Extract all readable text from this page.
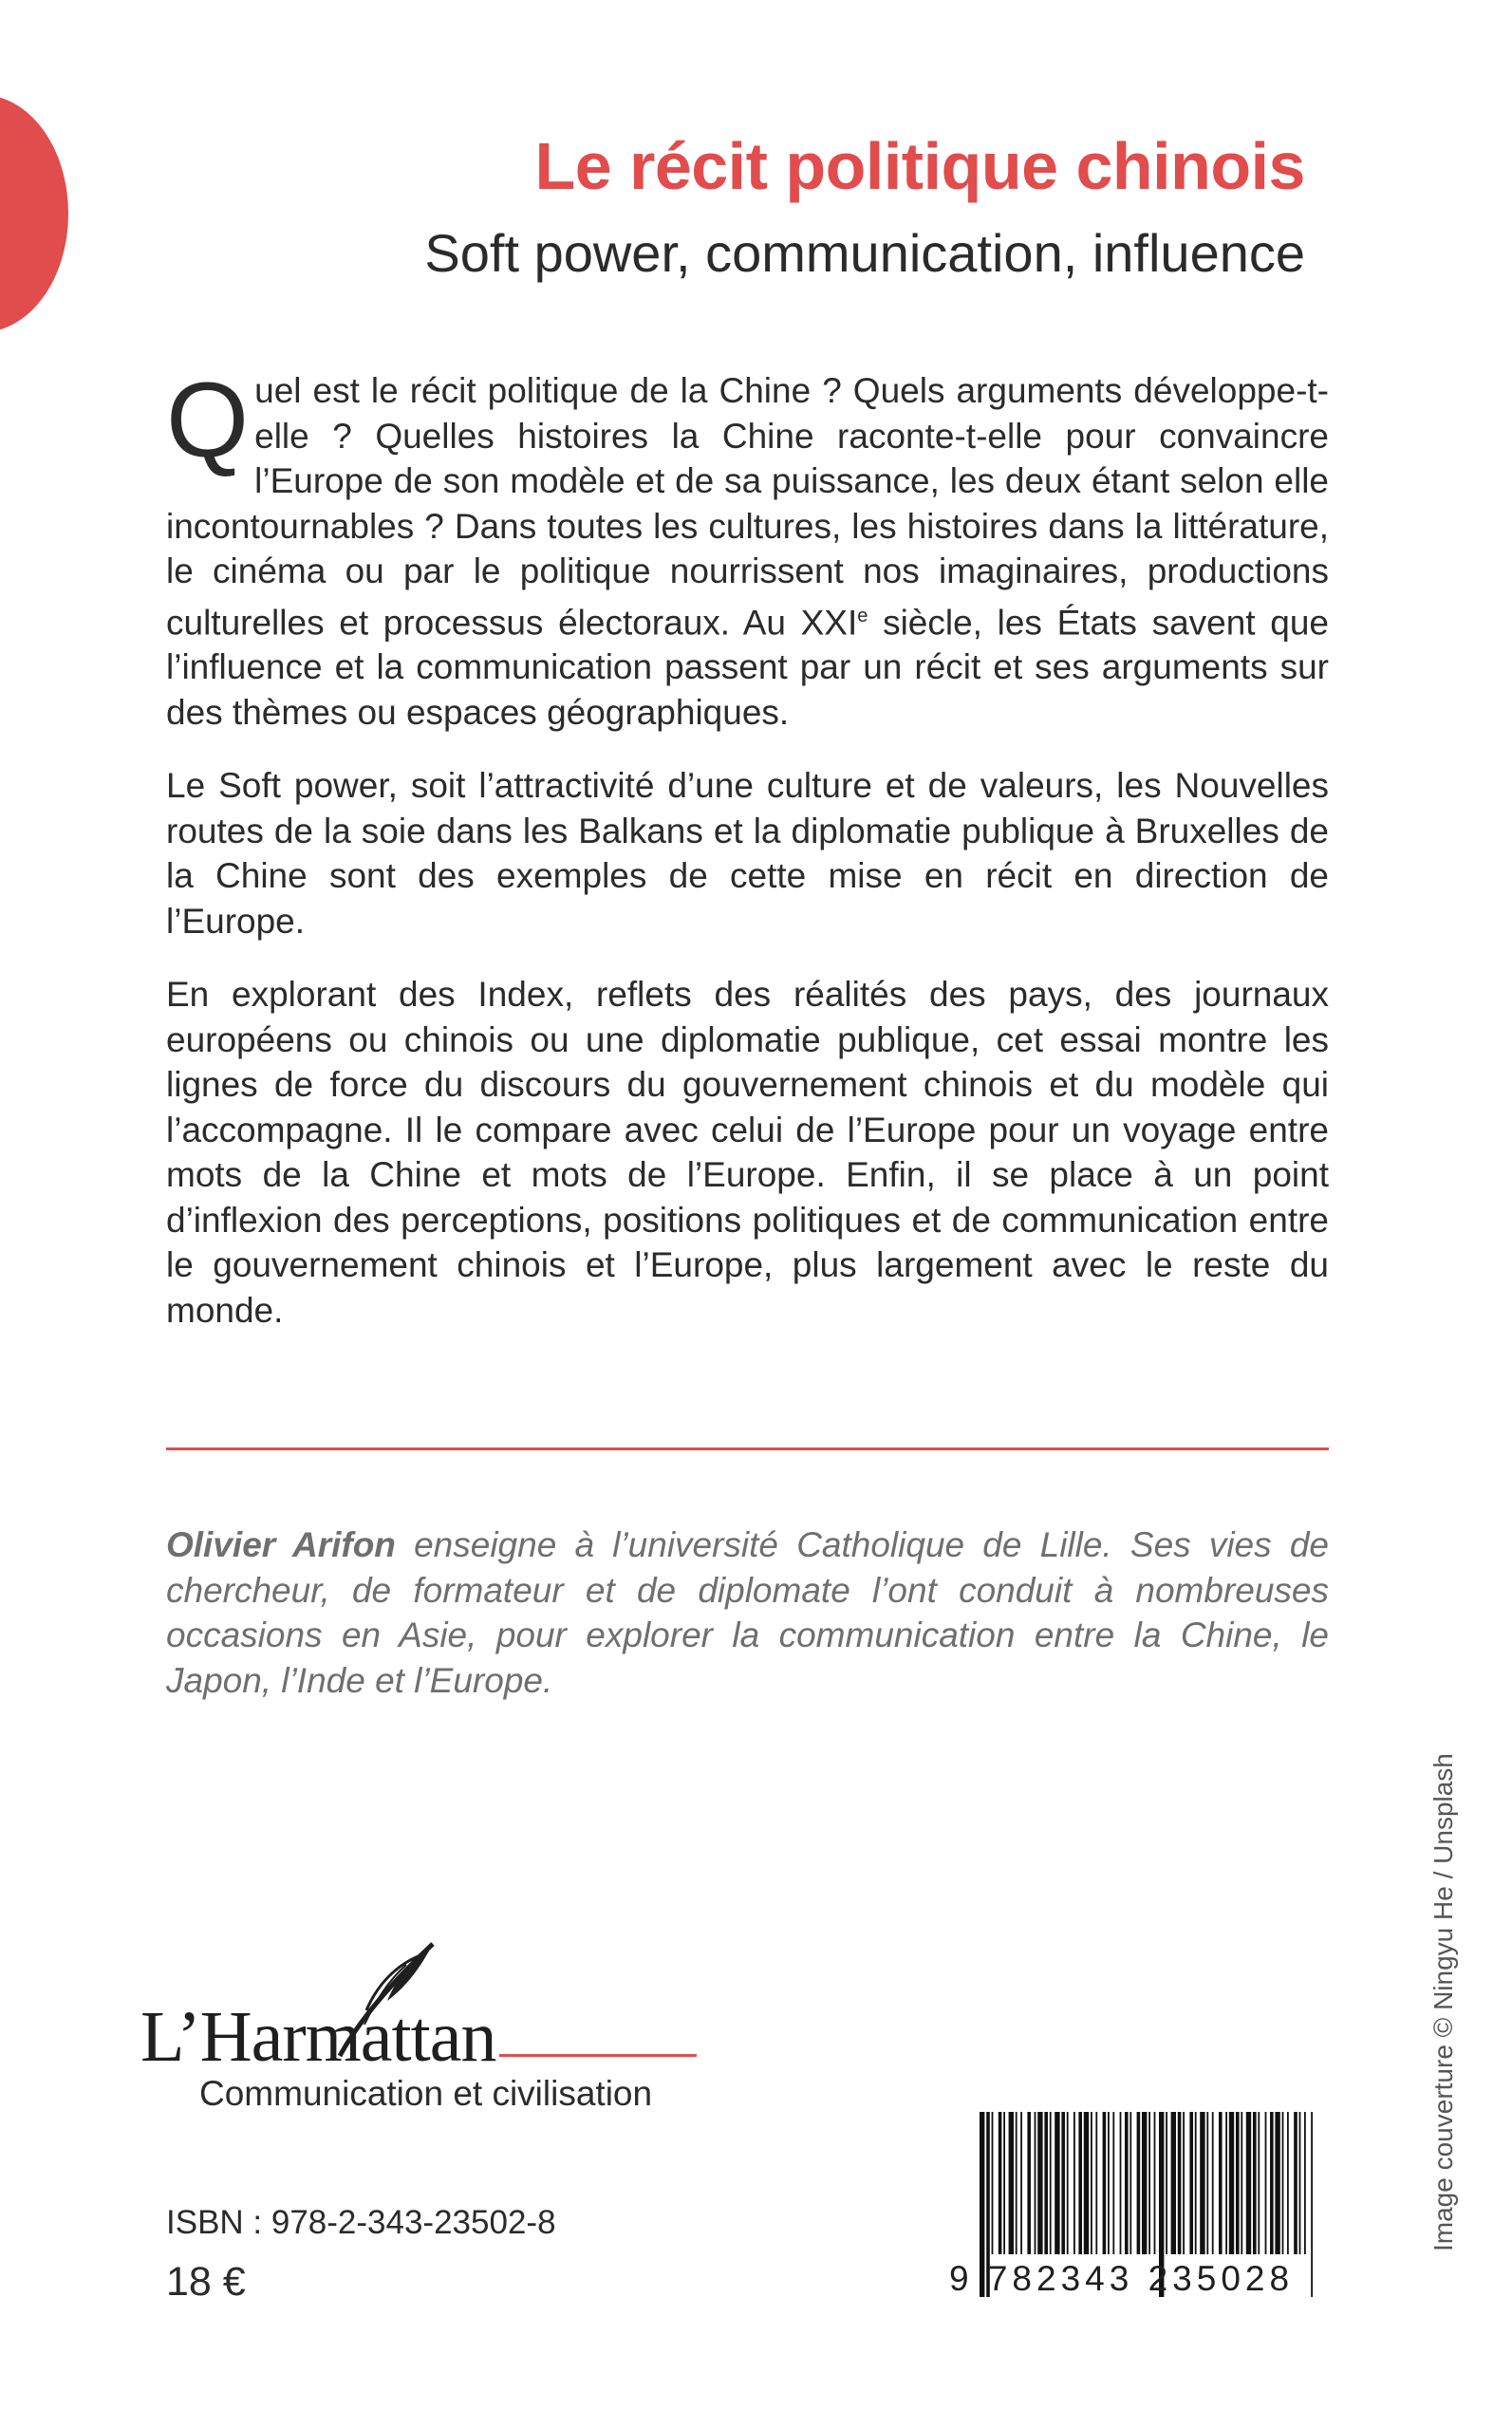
Le récit politique chinois
Soft power, communication, influence

Quel est le récit politique de la Chine ? Quels arguments développe-t-elle ? Quelles histoires la Chine raconte-t-elle pour convaincre l’Europe de son modèle et de sa puissance, les deux étant selon elle incontournables ? Dans toutes les cultures, les histoires dans la littérature, le cinéma ou par le politique nourrissent nos imaginaires, productions culturelles et processus électoraux. Au XXIe siècle, les États savent que l’influence et la communication passent par un récit et ses arguments sur des thèmes ou espaces géographiques.

Le Soft power, soit l’attractivité d’une culture et de valeurs, les Nouvelles routes de la soie dans les Balkans et la diplomatie publique à Bruxelles de la Chine sont des exemples de cette mise en récit en direction de l’Europe.

En explorant des Index, reflets des réalités des pays, des journaux européens ou chinois ou une diplomatie publique, cet essai montre les lignes de force du discours du gouvernement chinois et du modèle qui l’accompagne. Il le compare avec celui de l’Europe pour un voyage entre mots de la Chine et mots de l’Europe. Enfin, il se place à un point d’inflexion des perceptions, positions politiques et de communication entre le gouvernement chinois et l’Europe, plus largement avec le reste du monde.

Olivier Arifon enseigne à l’université Catholique de Lille. Ses vies de chercheur, de formateur et de diplomate l’ont conduit à nombreuses occasions en Asie, pour explorer la communication entre la Chine, le Japon, l’Inde et l’Europe.

Image couverture © Ningyu He / Unsplash
L’Harmattan
Communication et civilisation
ISBN : 978-2-343-23502-8
18 €	9 782343 235028
